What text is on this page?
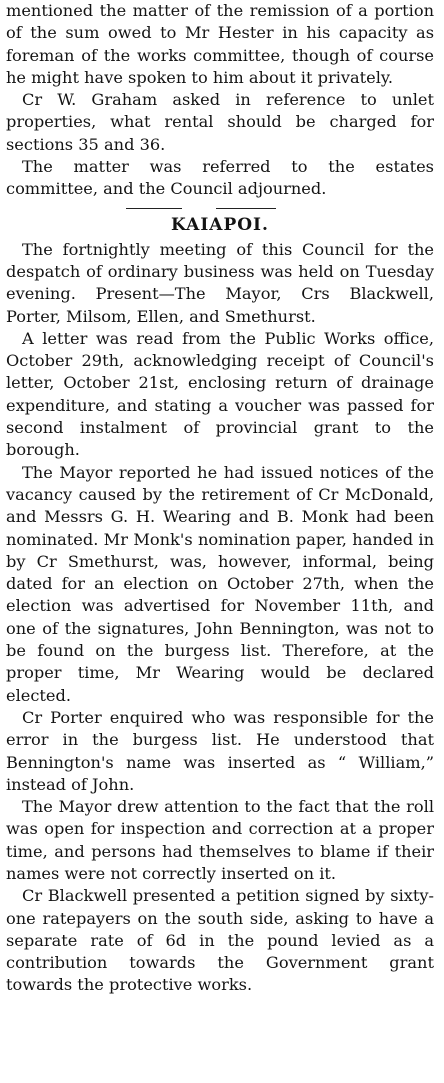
mentioned the matter of the remission of a portion of the sum owed to Mr Hester in his capacity as foreman of the works committee, though of course he might have spoken to him about it privately.

Cr W. Graham asked in reference to unlet properties, what rental should be charged for sections 35 and 36.

The matter was referred to the estates committee, and the Council adjourned.

KAIAPOI.

The fortnightly meeting of this Council for the despatch of ordinary business was held on Tuesday evening. Present—The Mayor, Crs Blackwell, Porter, Milsom, Ellen, and Smethurst.

A letter was read from the Public Works office, October 29th, acknowledging receipt of Council's letter, October 21st, enclosing return of drainage expenditure, and stating a voucher was passed for second instalment of provincial grant to the borough.

The Mayor reported he had issued notices of the vacancy caused by the retirement of Cr McDonald, and Messrs G. H. Wearing and B. Monk had been nominated. Mr Monk's nomination paper, handed in by Cr Smethurst, was, however, informal, being dated for an election on October 27th, when the election was advertised for November 11th, and one of the signatures, John Bennington, was not to be found on the burgess list. Therefore, at the proper time, Mr Wearing would be declared elected.

Cr Porter enquired who was responsible for the error in the burgess list. He understood that Bennington's name was inserted as “ William,” instead of John.

The Mayor drew attention to the fact that the roll was open for inspection and correction at a proper time, and persons had themselves to blame if their names were not correctly inserted on it.

Cr Blackwell presented a petition signed by sixty-one ratepayers on the south side, asking to have a separate rate of 6d in the pound levied as a contribution towards the Government grant towards the protective works.
